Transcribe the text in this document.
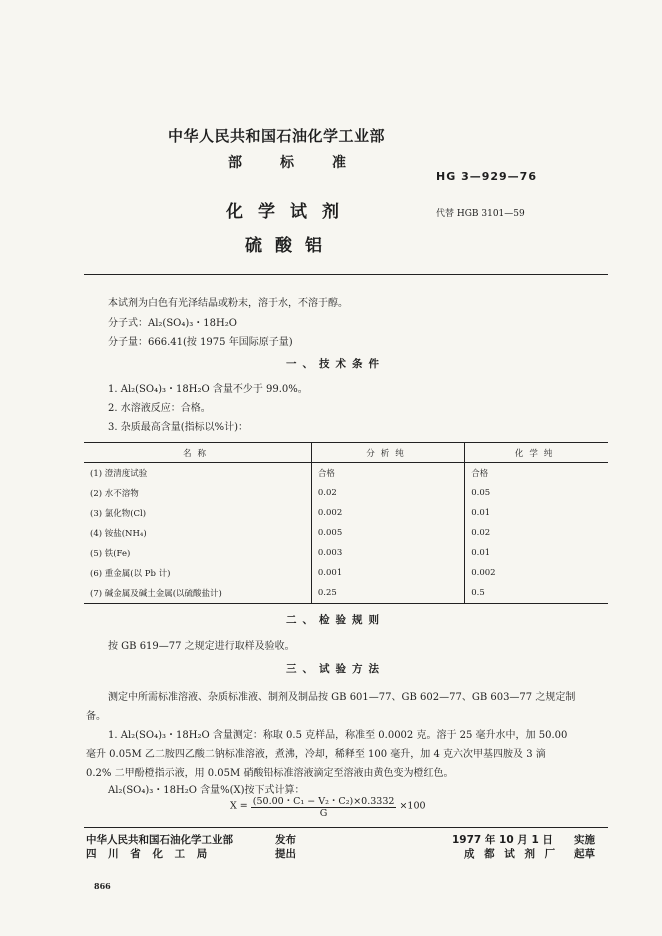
中华人民共和国石油化学工业部
部标准
HG 3—929—76
化学试剂	代替 HGB 3101—59
硫酸铝
本试剂为白色有光泽结晶或粉末，溶于水，不溶于醇。
分子式：Al₂(SO₄)₃・18H₂O
分子量：666.41(按 1975 年国际原子量)
一、技术条件
1. Al₂(SO₄)₃・18H₂O 含量不少于 99.0%。
2. 水溶液反应：合格。
3. 杂质最高含量(指标以%计)：
名称	分析纯	化学纯
(1) 澄清度试验	合格	合格
(2) 水不溶物	0.02	0.05
(3) 氯化物(Cl)	0.002	0.01
(4) 铵盐(NH₄)	0.005	0.02
(5) 铁(Fe)	0.003	0.01
(6) 重金属(以 Pb 计)	0.001	0.002
(7) 碱金属及碱土金属(以硫酸盐计)	0.25	0.5
二、检验规则
按 GB 619—77 之规定进行取样及验收。
三、试验方法
测定中所需标准溶液、杂质标准液、制剂及制品按 GB 601—77、GB 602—77、GB 603—77 之规定制
备。
1. Al₂(SO₄)₃・18H₂O 含量测定：称取 0.5 克样品，称准至 0.0002 克。溶于 25 毫升水中，加 50.00
毫升 0.05M 乙二胺四乙酸二钠标准溶液，煮沸，冷却，稀释至 100 毫升，加 4 克六次甲基四胺及 3 滴
0.2% 二甲酚橙指示液，用 0.05M 硝酸铅标准溶液滴定至溶液由黄色变为橙红色。
Al₂(SO₄)₃・18H₂O 含量%(X)按下式计算：
$X = \frac{\text{(50.00・C₁ − V₂・C₂)×0.3332}}{G} \times 100$
中华人民共和国石油化学工业部	发布
四 川 省 化 工 局	提出
1977 年 10 月 1 日 实施
成 都 试 剂 厂 起草
866
